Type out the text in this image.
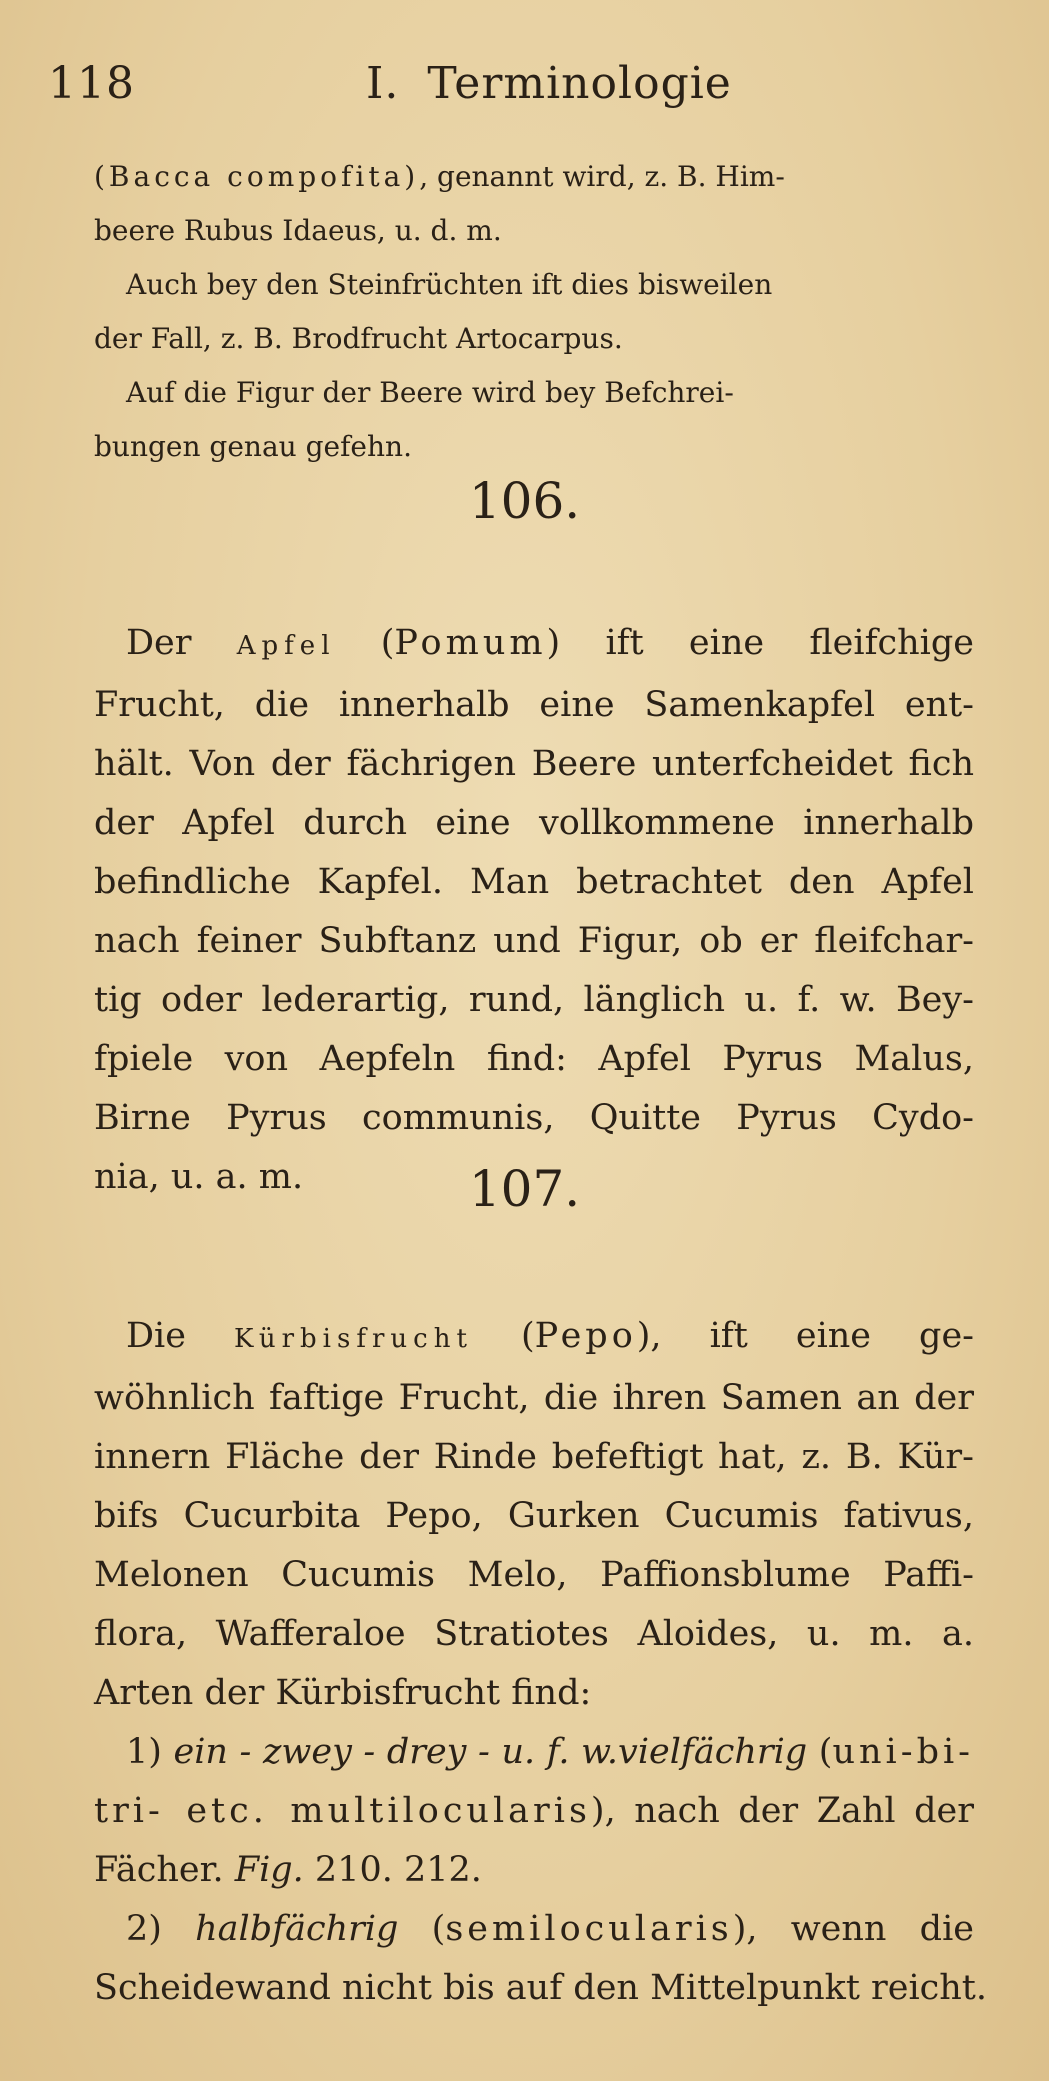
118	I. Terminologie
(Bacca compofita), genannt wird, z. B. Him-
beere Rubus Idaeus, u. d. m.
Auch bey den Steinfrüchten ift dies bisweilen
der Fall, z. B. Brodfrucht Artocarpus.
Auf die Figur der Beere wird bey Befchrei-
bungen genau gefehn.
106.
Der Apfel (Pomum) ift eine fleifchige
Frucht, die innerhalb eine Samenkapfel ent-
hält. Von der fächrigen Beere unterfcheidet fich
der Apfel durch eine vollkommene innerhalb
befindliche Kapfel. Man betrachtet den Apfel
nach feiner Subftanz und Figur, ob er fleifchar-
tig oder lederartig, rund, länglich u. f. w. Bey-
fpiele von Aepfeln find: Apfel Pyrus Malus,
Birne Pyrus communis, Quitte Pyrus Cydo-
nia, u. a. m.	107.
Die Kürbisfrucht (Pepo), ift eine ge-
wöhnlich faftige Frucht, die ihren Samen an der
innern Fläche der Rinde befeftigt hat, z. B. Kür-
bifs Cucurbita Pepo, Gurken Cucumis fativus,
Melonen Cucumis Melo, Paffionsblume Paffi-
flora, Wafferaloe Stratiotes Aloides, u. m. a.
Arten der Kürbisfrucht find:
1) ein - zwey - drey - u. f. w.vielfächrig (uni-bi-
tri- etc. multilocularis), nach der Zahl der
Fächer. Fig. 210. 212.
2) halbfächrig (semilocularis), wenn die
Scheidewand nicht bis auf den Mittelpunkt reicht.
